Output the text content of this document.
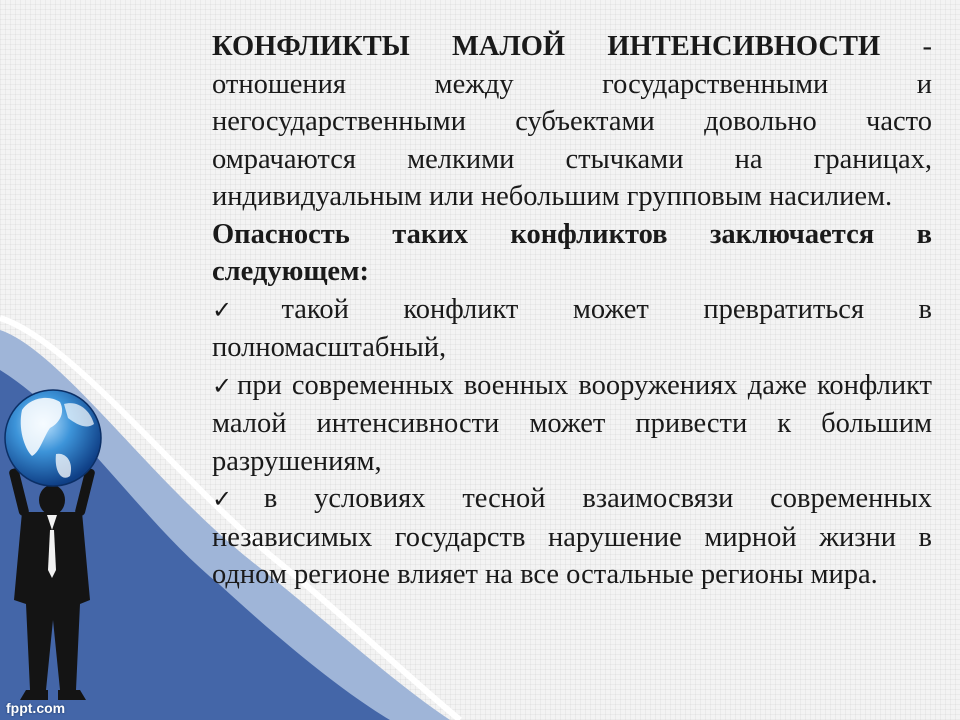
КОНФЛИКТЫ МАЛОЙ ИНТЕНСИВНОСТИ - отношения между государственными и негосударственными субъектами довольно часто омрачаются мелкими стычками на границах, индивидуальным или небольшим групповым насилием.

Опасность таких конфликтов заключается в следующем:

✓такой конфликт может превратиться в полномасштабный,

✓при современных военных вооружениях даже конфликт малой интенсивности может привести к большим разрушениям,

✓в условиях тесной взаимосвязи современных независимых государств нарушение мирной жизни в одном регионе влияет на все остальные регионы мира.

fppt.com
